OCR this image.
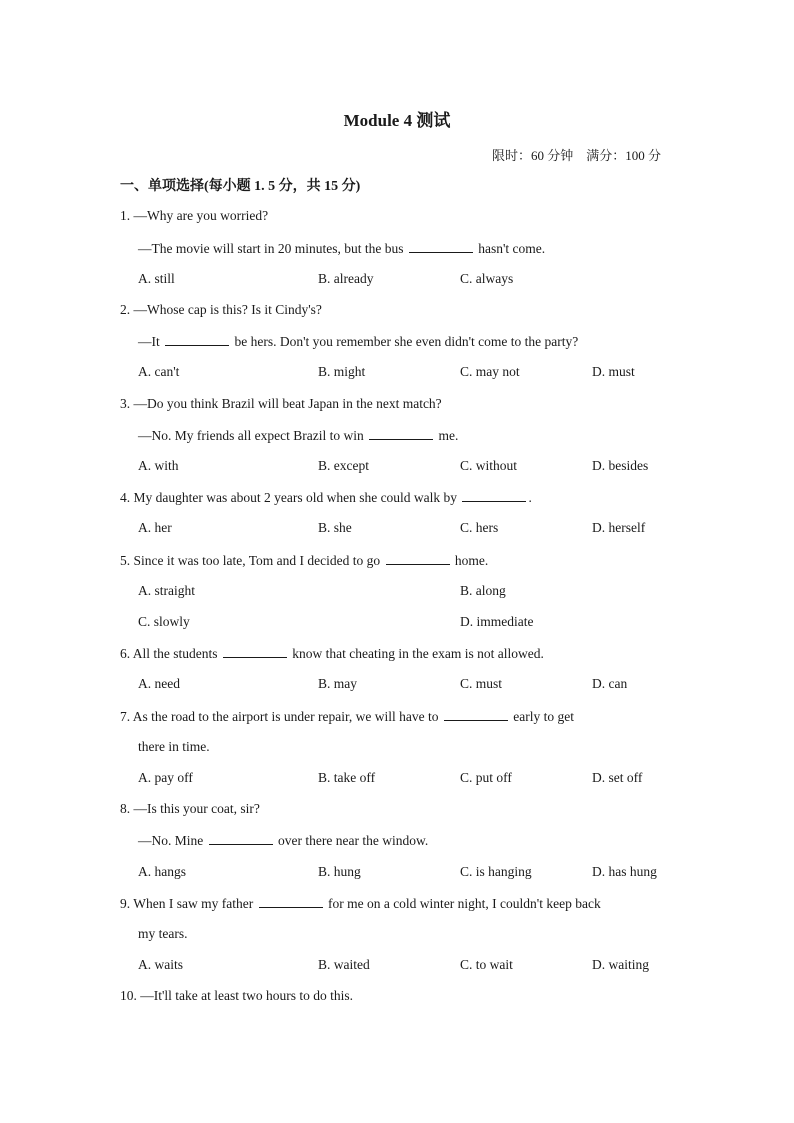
Module 4 测试
限时：60 分钟    满分：100 分
一、单项选择(每小题 1. 5 分，共 15 分)
1. —Why are you worried?
—The movie will start in 20 minutes, but the bus	hasn't come.
A. still	B. already	C. always
2. —Whose cap is this? Is it Cindy's?
—It	be hers. Don't you remember she even didn't come to the party?
A. can't	B. might	C. may not	D. must
3. —Do you think Brazil will beat Japan in the next match?
—No. My friends all expect Brazil to win	me.
A. with	B. except	C. without	D. besides
4. My daughter was about 2 years old when she could walk by	.
A. her	B. she	C. hers	D. herself
5. Since it was too late, Tom and I decided to go	home.
A. straight	B. along
C. slowly	D. immediate
6. All the students	know that cheating in the exam is not allowed.
A. need	B. may	C. must	D. can
7. As the road to the airport is under repair, we will have to	early to get
there in time.
A. pay off	B. take off	C. put off	D. set off
8. —Is this your coat, sir?
—No. Mine	over there near the window.
A. hangs	B. hung	C. is hanging	D. has hung
9. When I saw my father	for me on a cold winter night, I couldn't keep back
my tears.
A. waits	B. waited	C. to wait	D. waiting
10. —It'll take at least two hours to do this.
